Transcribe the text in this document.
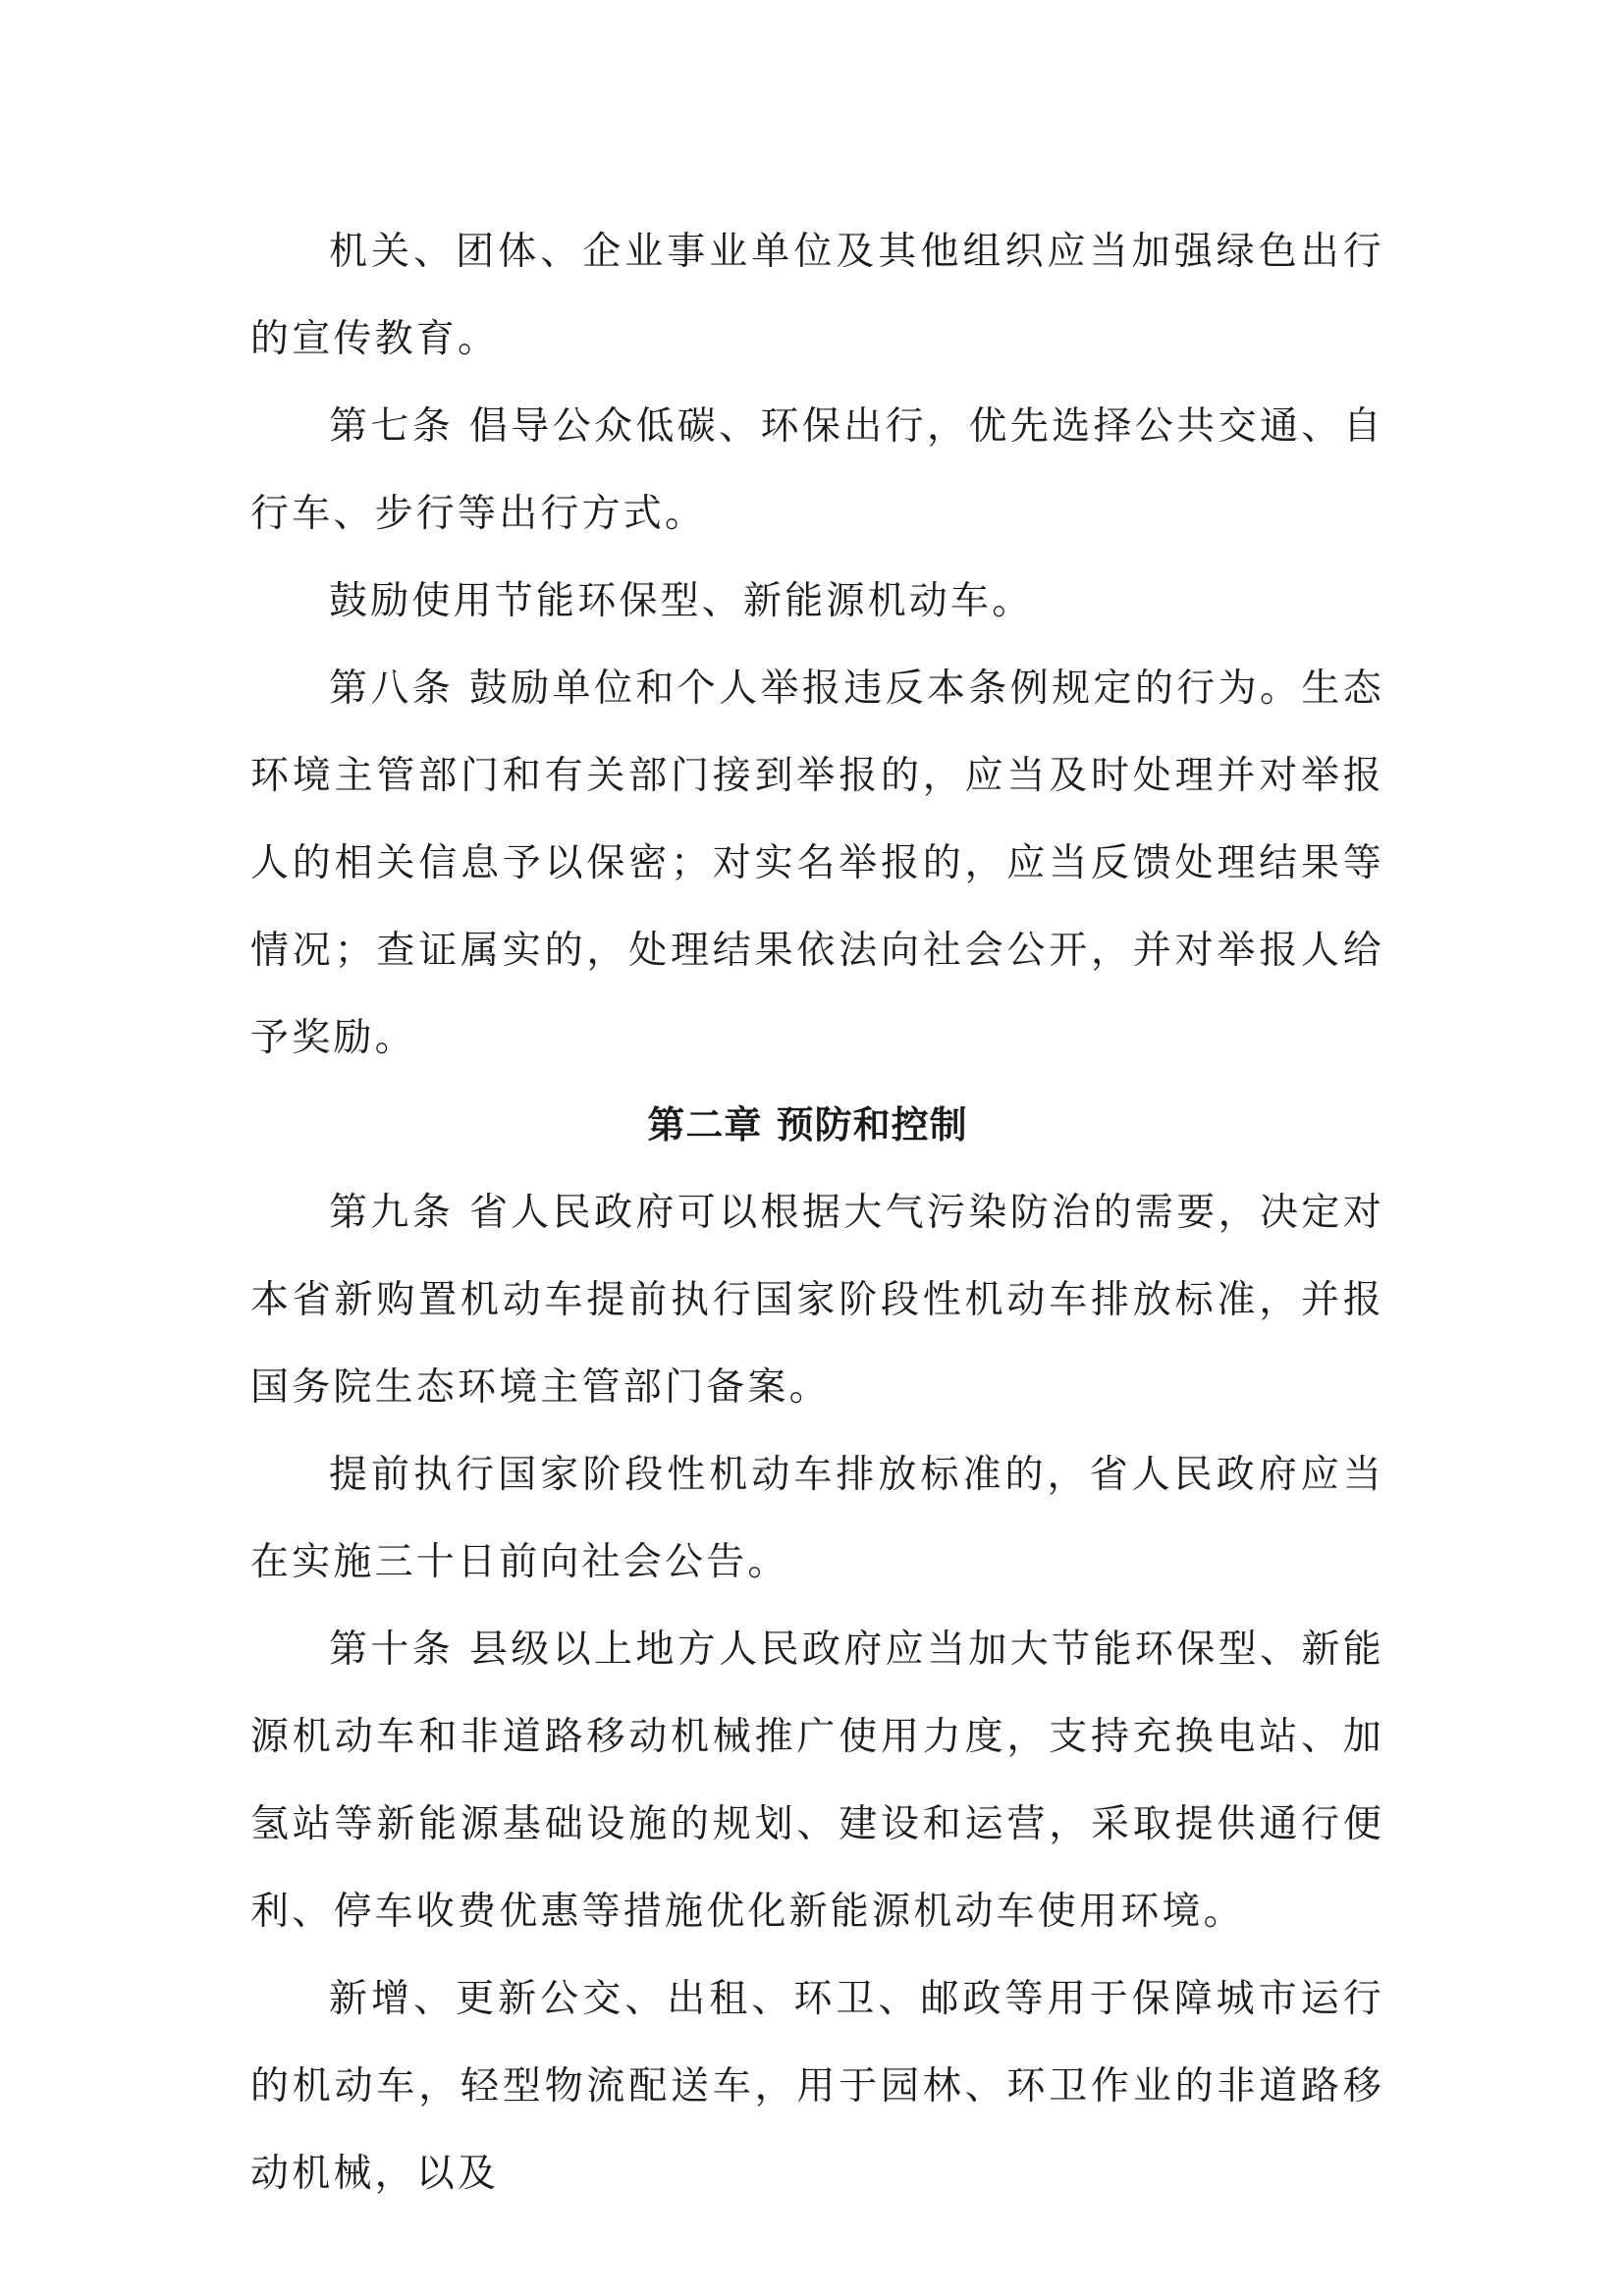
机关、团体、企业事业单位及其他组织应当加强绿色出行的宣传教育。

第七条 倡导公众低碳、环保出行，优先选择公共交通、自行车、步行等出行方式。

鼓励使用节能环保型、新能源机动车。

第八条 鼓励单位和个人举报违反本条例规定的行为。生态环境主管部门和有关部门接到举报的，应当及时处理并对举报人的相关信息予以保密；对实名举报的，应当反馈处理结果等情况；查证属实的，处理结果依法向社会公开，并对举报人给予奖励。

第二章 预防和控制

第九条 省人民政府可以根据大气污染防治的需要，决定对本省新购置机动车提前执行国家阶段性机动车排放标准，并报国务院生态环境主管部门备案。

提前执行国家阶段性机动车排放标准的，省人民政府应当在实施三十日前向社会公告。

第十条 县级以上地方人民政府应当加大节能环保型、新能源机动车和非道路移动机械推广使用力度，支持充换电站、加氢站等新能源基础设施的规划、建设和运营，采取提供通行便利、停车收费优惠等措施优化新能源机动车使用环境。

新增、更新公交、出租、环卫、邮政等用于保障城市运行的机动车，轻型物流配送车，用于园林、环卫作业的非道路移动机械，以及
